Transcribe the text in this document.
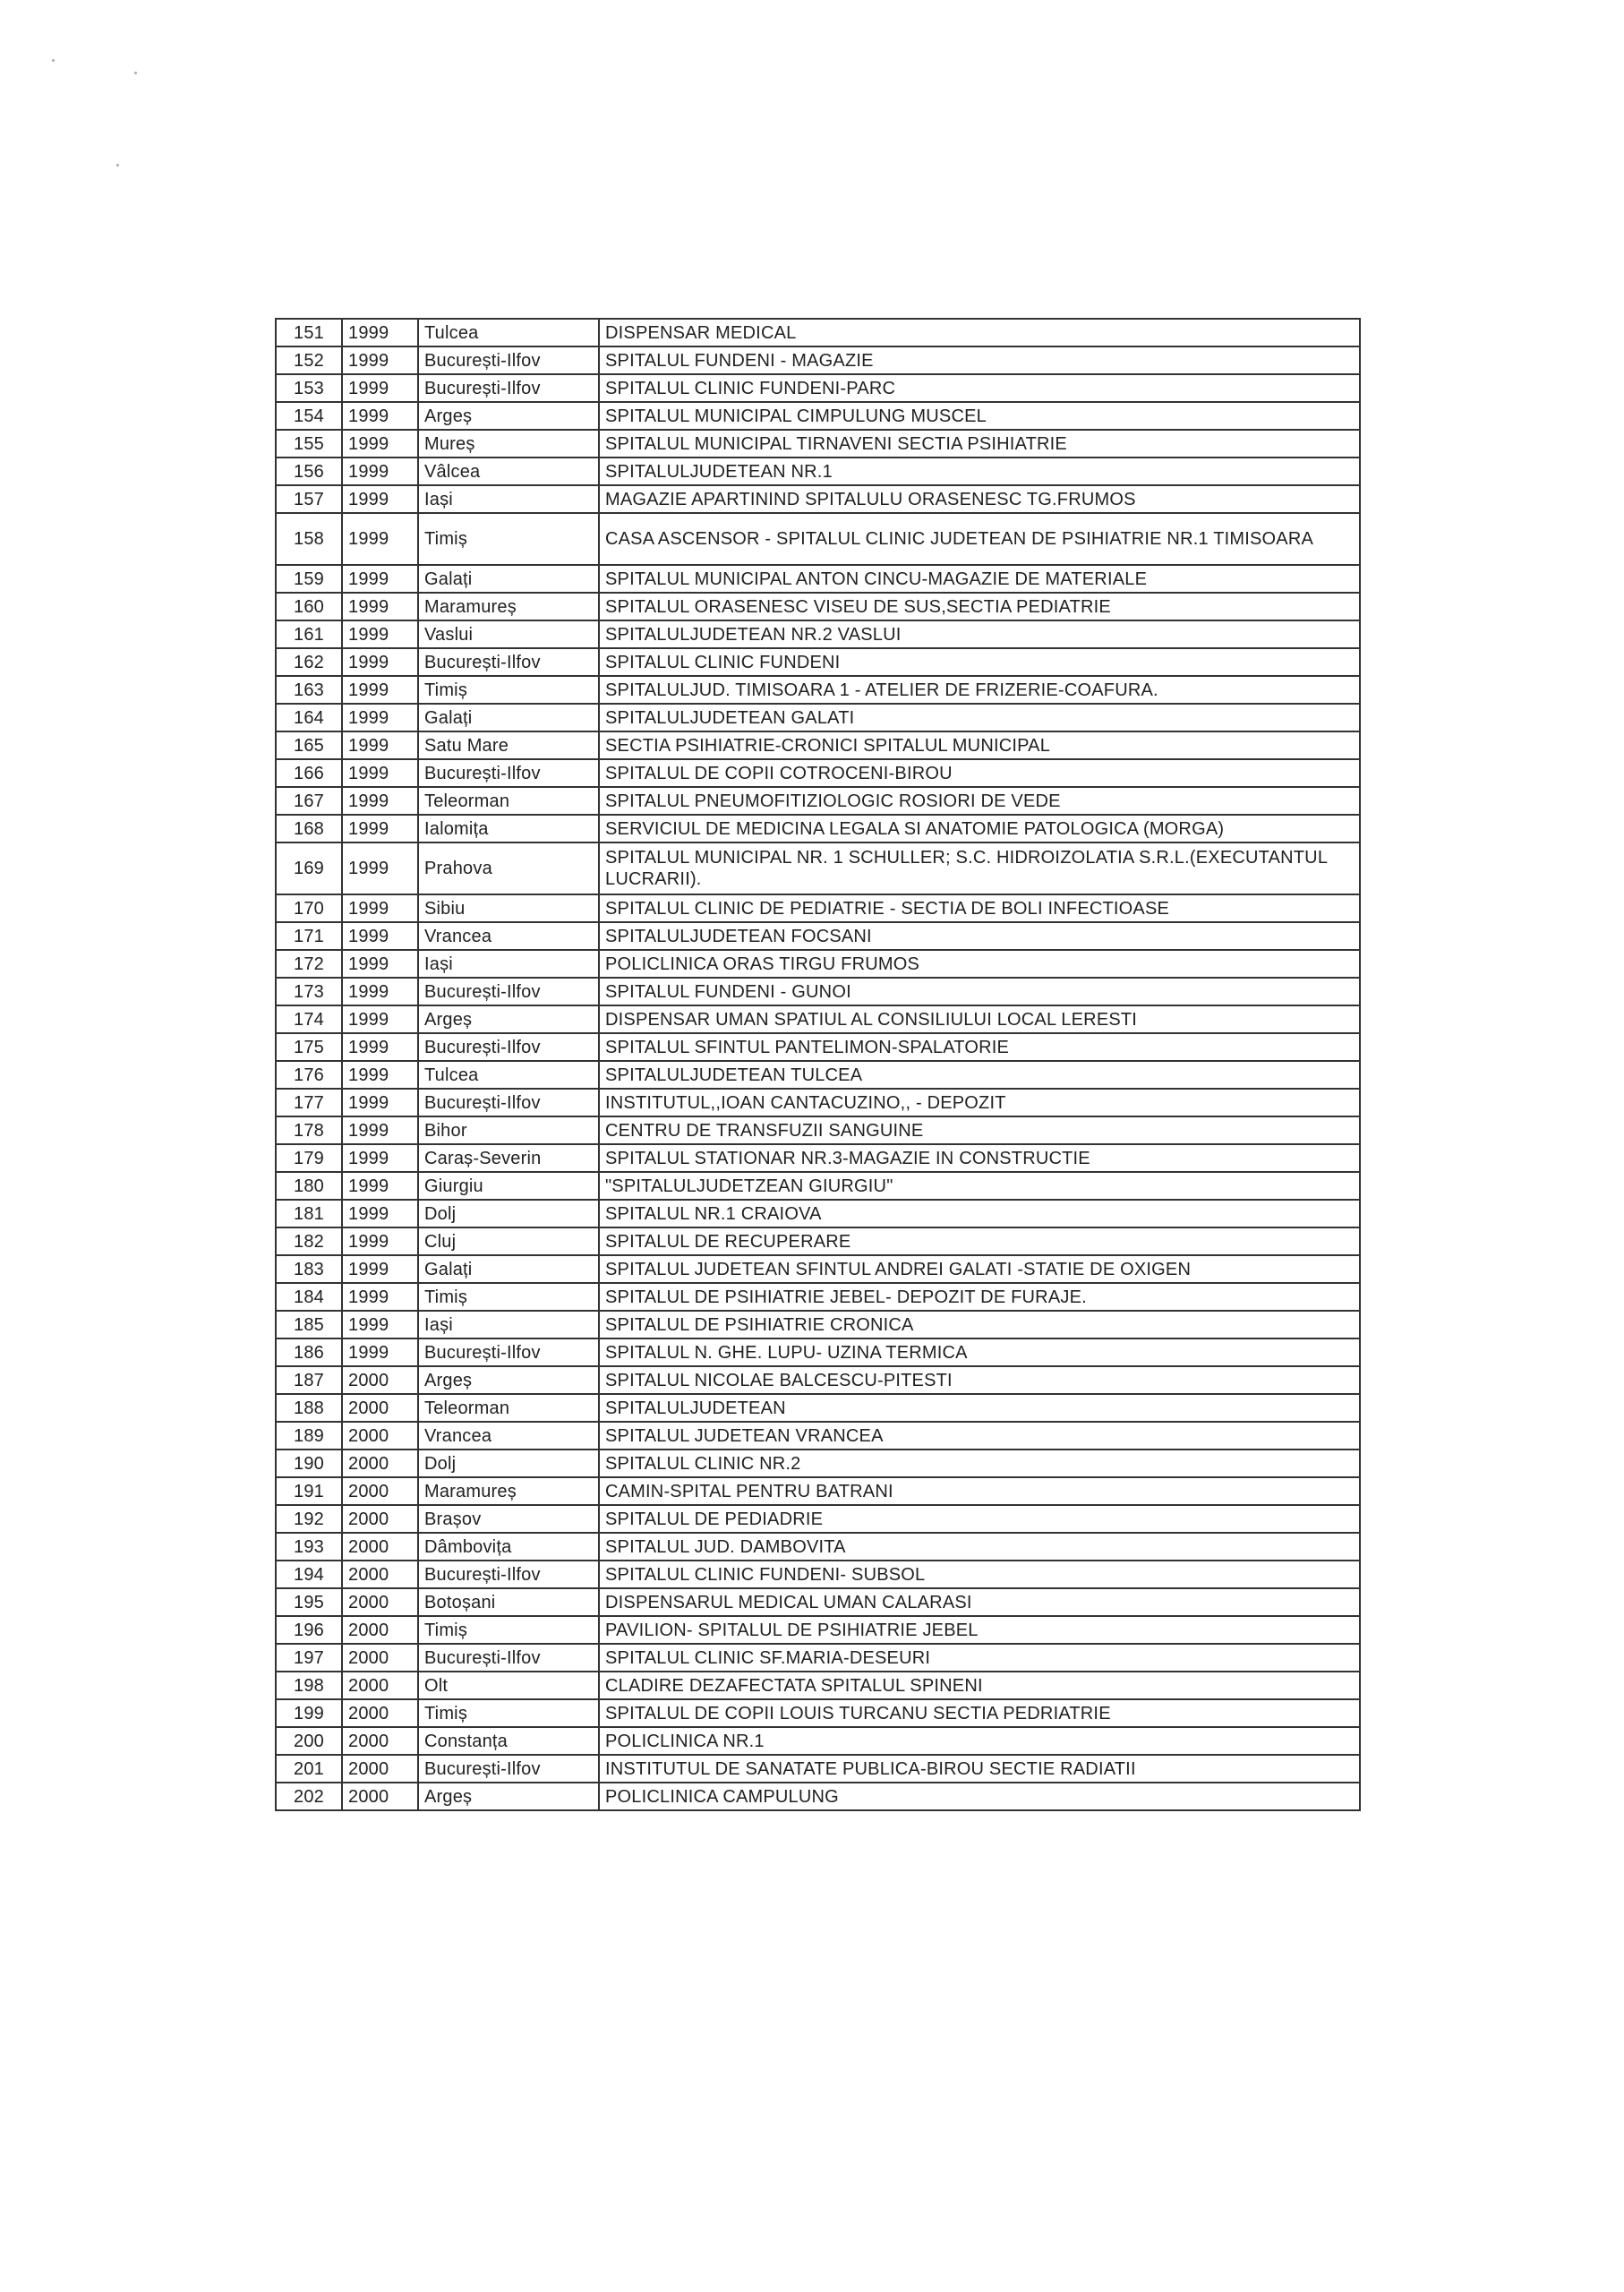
151	1999	Tulcea	DISPENSAR MEDICAL
152	1999	București-Ilfov	SPITALUL FUNDENI - MAGAZIE
153	1999	București-Ilfov	SPITALUL CLINIC FUNDENI-PARC
154	1999	Argeș	SPITALUL MUNICIPAL CIMPULUNG MUSCEL
155	1999	Mureș	SPITALUL MUNICIPAL TIRNAVENI SECTIA PSIHIATRIE
156	1999	Vâlcea	SPITALULJUDETEAN NR.1
157	1999	Iași	MAGAZIE APARTININD SPITALULU ORASENESC TG.FRUMOS
158	1999	Timiș	CASA ASCENSOR - SPITALUL CLINIC JUDETEAN DE PSIHIATRIE NR.1 TIMISOARA
159	1999	Galați	SPITALUL MUNICIPAL ANTON CINCU-MAGAZIE DE MATERIALE
160	1999	Maramureș	SPITALUL ORASENESC VISEU DE SUS,SECTIA PEDIATRIE
161	1999	Vaslui	SPITALULJUDETEAN NR.2 VASLUI
162	1999	București-Ilfov	SPITALUL CLINIC FUNDENI
163	1999	Timiș	SPITALULJUD. TIMISOARA 1 - ATELIER DE FRIZERIE-COAFURA.
164	1999	Galați	SPITALULJUDETEAN GALATI
165	1999	Satu Mare	SECTIA PSIHIATRIE-CRONICI SPITALUL MUNICIPAL
166	1999	București-Ilfov	SPITALUL DE COPII COTROCENI-BIROU
167	1999	Teleorman	SPITALUL PNEUMOFITIZIOLOGIC ROSIORI DE VEDE
168	1999	Ialomița	SERVICIUL DE MEDICINA LEGALA SI ANATOMIE PATOLOGICA (MORGA)
169	1999	Prahova	SPITALUL MUNICIPAL NR. 1 SCHULLER; S.C. HIDROIZOLATIA S.R.L.(EXECUTANTUL LUCRARII).
170	1999	Sibiu	SPITALUL CLINIC DE PEDIATRIE - SECTIA DE BOLI INFECTIOASE
171	1999	Vrancea	SPITALULJUDETEAN FOCSANI
172	1999	Iași	POLICLINICA ORAS TIRGU FRUMOS
173	1999	București-Ilfov	SPITALUL FUNDENI - GUNOI
174	1999	Argeș	DISPENSAR UMAN SPATIUL AL CONSILIULUI LOCAL LERESTI
175	1999	București-Ilfov	SPITALUL SFINTUL PANTELIMON-SPALATORIE
176	1999	Tulcea	SPITALULJUDETEAN TULCEA
177	1999	București-Ilfov	INSTITUTUL,,IOAN CANTACUZINO,, - DEPOZIT
178	1999	Bihor	CENTRU DE TRANSFUZII SANGUINE
179	1999	Caraș-Severin	SPITALUL STATIONAR NR.3-MAGAZIE IN CONSTRUCTIE
180	1999	Giurgiu	"SPITALULJUDETZEAN GIURGIU"
181	1999	Dolj	SPITALUL NR.1 CRAIOVA
182	1999	Cluj	SPITALUL DE RECUPERARE
183	1999	Galați	SPITALUL JUDETEAN SFINTUL ANDREI GALATI -STATIE DE OXIGEN
184	1999	Timiș	SPITALUL DE PSIHIATRIE JEBEL- DEPOZIT DE FURAJE.
185	1999	Iași	SPITALUL DE PSIHIATRIE CRONICA
186	1999	București-Ilfov	SPITALUL N. GHE. LUPU- UZINA TERMICA
187	2000	Argeș	SPITALUL NICOLAE BALCESCU-PITESTI
188	2000	Teleorman	SPITALULJUDETEAN
189	2000	Vrancea	SPITALUL JUDETEAN VRANCEA
190	2000	Dolj	SPITALUL CLINIC NR.2
191	2000	Maramureș	CAMIN-SPITAL PENTRU BATRANI
192	2000	Brașov	SPITALUL DE PEDIADRIE
193	2000	Dâmbovița	SPITALUL JUD. DAMBOVITA
194	2000	București-Ilfov	SPITALUL CLINIC FUNDENI- SUBSOL
195	2000	Botoșani	DISPENSARUL MEDICAL UMAN CALARASI
196	2000	Timiș	PAVILION- SPITALUL DE PSIHIATRIE JEBEL
197	2000	București-Ilfov	SPITALUL CLINIC SF.MARIA-DESEURI
198	2000	Olt	CLADIRE DEZAFECTATA SPITALUL SPINENI
199	2000	Timiș	SPITALUL DE COPII LOUIS TURCANU SECTIA PEDRIATRIE
200	2000	Constanța	POLICLINICA NR.1
201	2000	București-Ilfov	INSTITUTUL DE SANATATE PUBLICA-BIROU SECTIE RADIATII
202	2000	Argeș	POLICLINICA CAMPULUNG
